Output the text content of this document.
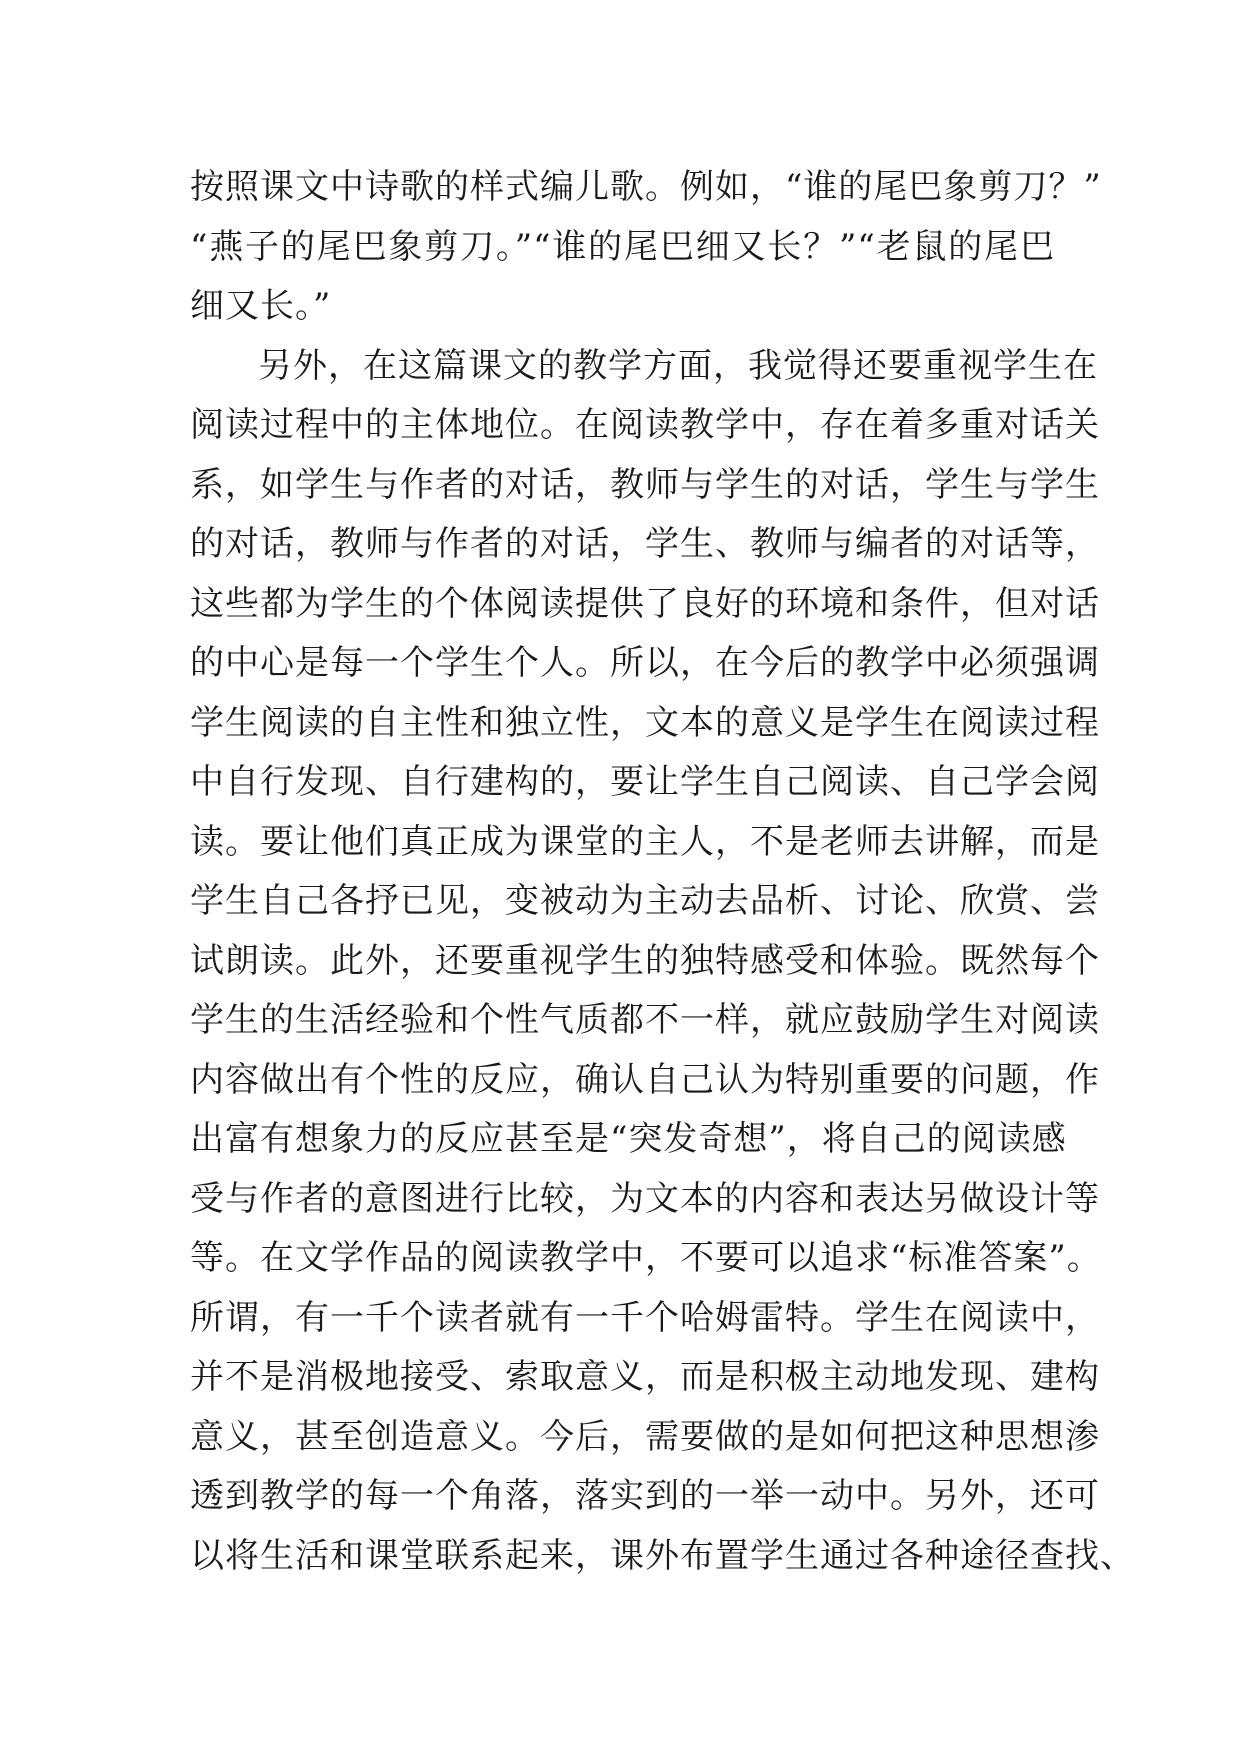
按照课文中诗歌的样式编儿歌。例如，“谁的尾巴象剪刀？”
“燕子的尾巴象剪刀。”“谁的尾巴细又长？”“老鼠的尾巴
细又长。”
另外，在这篇课文的教学方面，我觉得还要重视学生在
阅读过程中的主体地位。在阅读教学中，存在着多重对话关
系，如学生与作者的对话，教师与学生的对话，学生与学生
的对话，教师与作者的对话，学生、教师与编者的对话等，
这些都为学生的个体阅读提供了良好的环境和条件，但对话
的中心是每一个学生个人。所以，在今后的教学中必须强调
学生阅读的自主性和独立性，文本的意义是学生在阅读过程
中自行发现、自行建构的，要让学生自己阅读、自己学会阅
读。要让他们真正成为课堂的主人，不是老师去讲解，而是
学生自己各抒已见，变被动为主动去品析、讨论、欣赏、尝
试朗读。此外，还要重视学生的独特感受和体验。既然每个
学生的生活经验和个性气质都不一样，就应鼓励学生对阅读
内容做出有个性的反应，确认自己认为特别重要的问题，作
出富有想象力的反应甚至是“突发奇想”，将自己的阅读感
受与作者的意图进行比较，为文本的内容和表达另做设计等
等。在文学作品的阅读教学中，不要可以追求“标准答案”。
所谓，有一千个读者就有一千个哈姆雷特。学生在阅读中，
并不是消极地接受、索取意义，而是积极主动地发现、建构
意义，甚至创造意义。今后，需要做的是如何把这种思想渗
透到教学的每一个角落，落实到的一举一动中。另外，还可
以将生活和课堂联系起来，课外布置学生通过各种途径查找、
